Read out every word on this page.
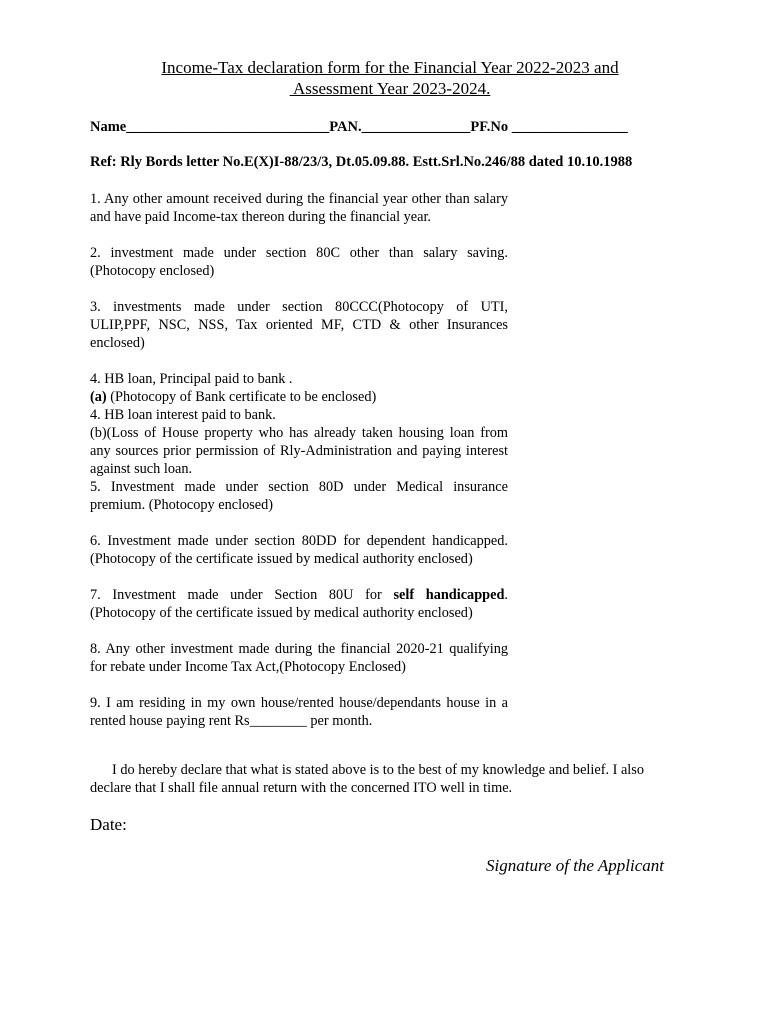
Income-Tax declaration form for the Financial Year 2022-2023 and
Assessment Year 2023-2024.
Name____________________________PAN._______________PF.No ________________
Ref: Rly Bords letter No.E(X)I-88/23/3, Dt.05.09.88. Estt.Srl.No.246/88 dated 10.10.1988

1. Any other amount received during the financial year other than salary and have paid Income-tax thereon during the financial year.

2. investment made under section 80C other than salary saving. (Photocopy enclosed)

3. investments made under section 80CCC(Photocopy of UTI, ULIP,PPF, NSC, NSS, Tax oriented MF, CTD & other Insurances enclosed)

4. HB loan, Principal paid to bank .

(a) (Photocopy of Bank certificate to be enclosed)

4. HB loan interest paid to bank.

(b)(Loss of House property who has already taken housing loan from any sources prior permission of Rly-Administration and paying interest against such loan.

5. Investment made under section 80D under Medical insurance premium. (Photocopy enclosed)

6. Investment made under section 80DD for dependent handicapped. (Photocopy of the certificate issued by medical authority enclosed)

7. Investment made under Section 80U for self handicapped. (Photocopy of the certificate issued by medical authority enclosed)

8. Any other investment made during the financial 2020-21 qualifying for rebate under Income Tax Act,(Photocopy Enclosed)

9. I am residing in my own house/rented house/dependants house in a rented house paying rent Rs________ per month.

I do hereby declare that what is stated above is to the best of my knowledge and belief. I also declare that I shall file annual return with the concerned ITO well in time.

Date:
Signature of the Applicant
